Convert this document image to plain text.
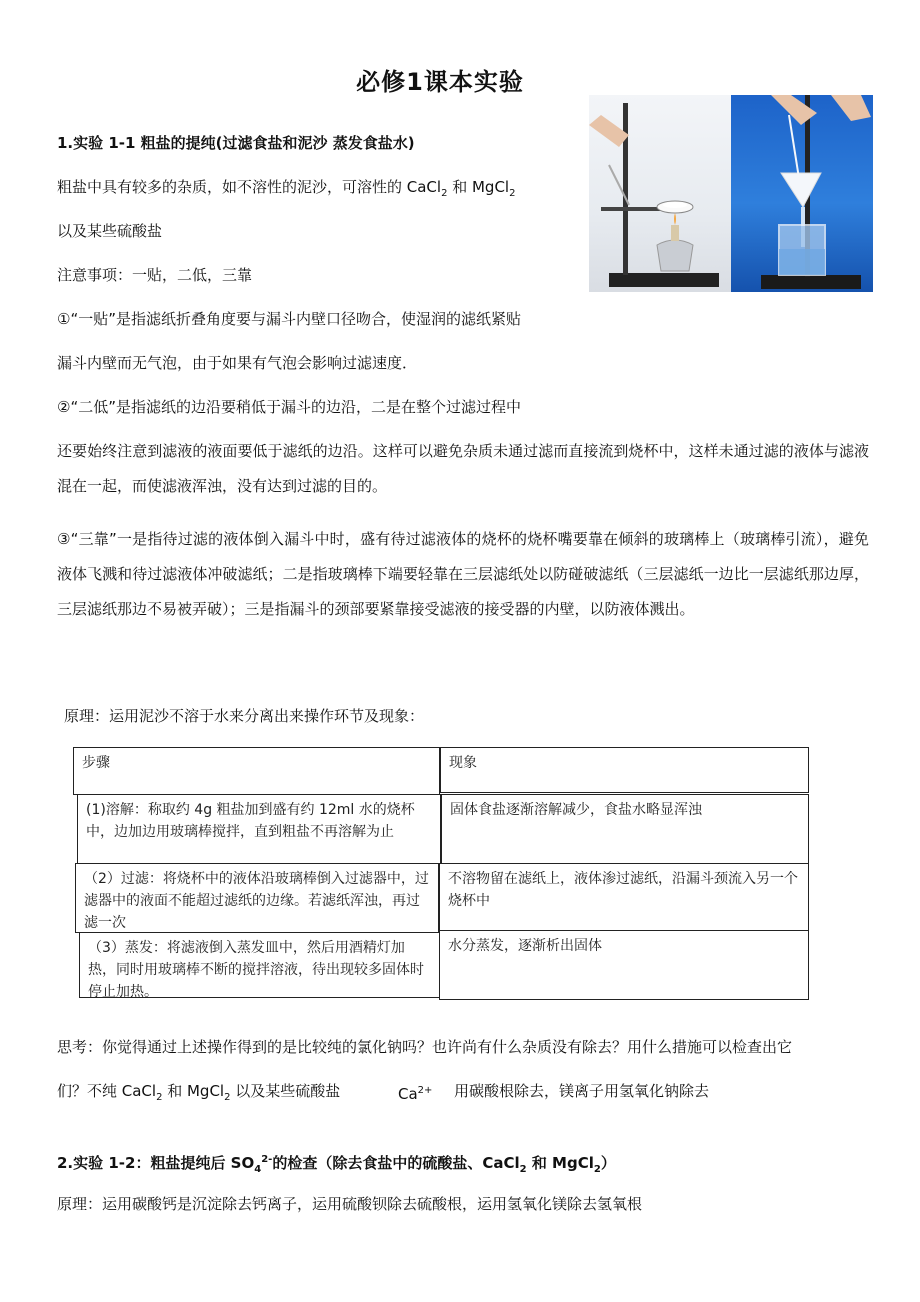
必修1课本实验
1.实验 1-1 粗盐的提纯(过滤食盐和泥沙 蒸发食盐水)
粗盐中具有较多的杂质，如不溶性的泥沙，可溶性的 CaCl$_2$ 和 MgCl$_2$
以及某些硫酸盐
注意事项：一贴，二低，三靠
①“一贴”是指滤纸折叠角度要与漏斗内壁口径吻合，使湿润的滤纸紧贴
漏斗内壁而无气泡，由于如果有气泡会影响过滤速度．
②“二低”是指滤纸的边沿要稍低于漏斗的边沿，二是在整个过滤过程中
还要始终注意到滤液的液面要低于滤纸的边沿。这样可以避免杂质未通过滤而直接流到烧杯中，这样未通过滤的液体与滤液混在一起，而使滤液浑浊，没有达到过滤的目的。
③“三靠”一是指待过滤的液体倒入漏斗中时，盛有待过滤液体的烧杯的烧杯嘴要靠在倾斜的玻璃棒上（玻璃棒引流），避免液体飞溅和待过滤液体冲破滤纸；二是指玻璃棒下端要轻靠在三层滤纸处以防碰破滤纸（三层滤纸一边比一层滤纸那边厚，三层滤纸那边不易被弄破）；三是指漏斗的颈部要紧靠接受滤液的接受器的内壁，以防液体溅出。
原理：运用泥沙不溶于水来分离出来操作环节及现象：
步骤	现象
(1)溶解：称取约 4g 粗盐加到盛有约 12ml 水的烧杯中，边加边用玻璃棒搅拌，直到粗盐不再溶解为止
固体食盐逐渐溶解减少，食盐水略显浑浊
（2）过滤：将烧杯中的液体沿玻璃棒倒入过滤器中，过滤器中的液面不能超过滤纸的边缘。若滤纸浑浊，再过滤一次
不溶物留在滤纸上，液体渗过滤纸，沿漏斗颈流入另一个 烧杯中
（3）蒸发：将滤液倒入蒸发皿中，然后用酒精灯加热，同时用玻璃棒不断的搅拌溶液，待出现较多固体时停止加热。
水分蒸发，逐渐析出固体
思考：你觉得通过上述操作得到的是比较纯的氯化钠吗？也许尚有什么杂质没有除去？用什么措施可以检查出它
们？不纯 CaCl$_2$ 和 MgCl$_2$ 以及某些硫酸盐	$Ca^{2+}$ 用碳酸根除去，镁离子用氢氧化钠除去
2.实验 1-2：粗盐提纯后 $SO_4^{2-}$的检查（除去食盐中的硫酸盐、CaCl$_2$ 和 MgCl$_2$）
原理：运用碳酸钙是沉淀除去钙离子，运用硫酸钡除去硫酸根，运用氢氧化镁除去氢氧根
